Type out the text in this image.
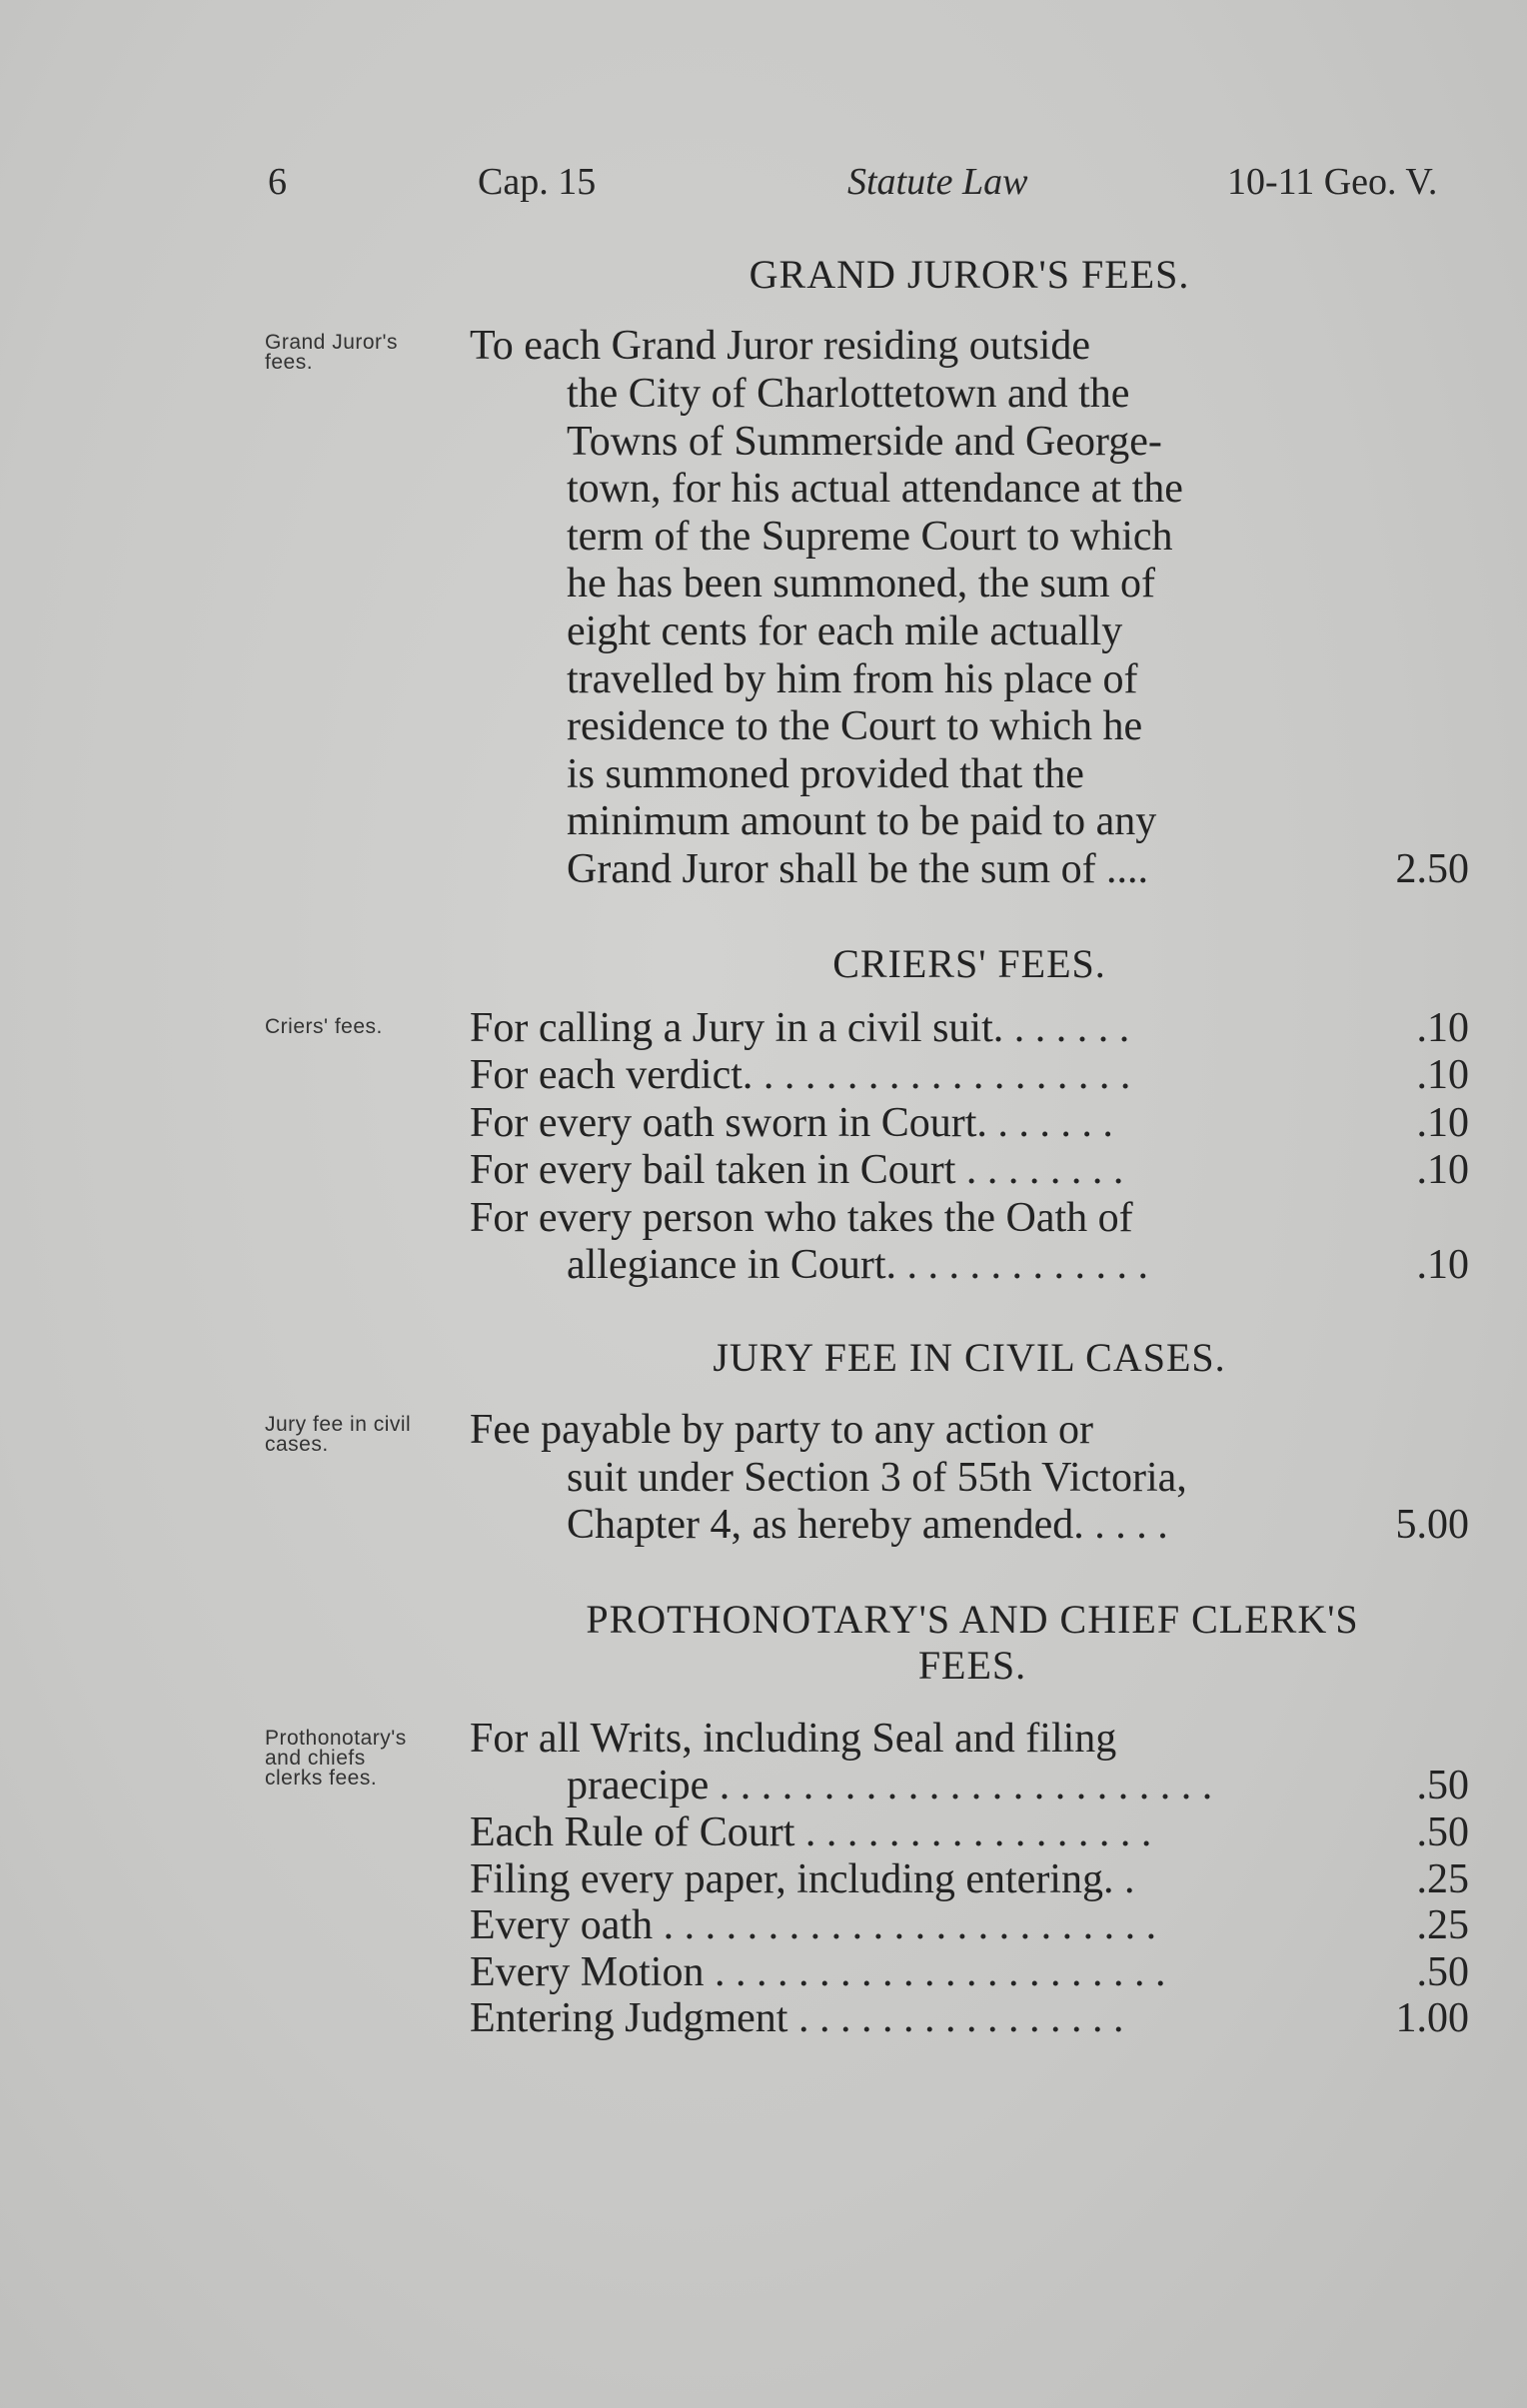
6	Cap. 15	Statute Law	10-11 Geo. V.
GRAND JUROR'S FEES.
Grand Juror's
fees.	To each Grand Juror residing outside
the City of Charlottetown and the
Towns of Summerside and George-
town, for his actual attendance at the
term of the Supreme Court to which
he has been summoned, the sum of
eight cents for each mile actually
travelled by him from his place of
residence to the Court to which he
is summoned provided that the
minimum amount to be paid to any
Grand Juror shall be the sum of ....	2.50
CRIERS' FEES.
Criers' fees. For calling a Jury in a civil suit. . . . . . .	.10
For each verdict. . . . . . . . . . . . . . . . . . .	.10
For every oath sworn in Court. . . . . . .	.10
For every bail taken in Court . . . . . . . .	.10
For every person who takes the Oath of
allegiance in Court. . . . . . . . . . . . .	.10
JURY FEE IN CIVIL CASES.
Jury fee in civil
cases.	Fee payable by party to any action or
suit under Section 3 of 55th Victoria,
Chapter 4, as hereby amended. . . . .	5.00
PROTHONOTARY'S AND CHIEF CLERK'S
FEES.
Prothonotary's
and chiefs
clerks fees.
For all Writs, including Seal and filing
praecipe . . . . . . . . . . . . . . . . . . . . . . . .	.50
Each Rule of Court . . . . . . . . . . . . . . . . .	.50
Filing every paper, including entering. .	.25
Every oath . . . . . . . . . . . . . . . . . . . . . . . .	.25
Every Motion . . . . . . . . . . . . . . . . . . . . . .	.50
Entering Judgment . . . . . . . . . . . . . . . .	1.00
